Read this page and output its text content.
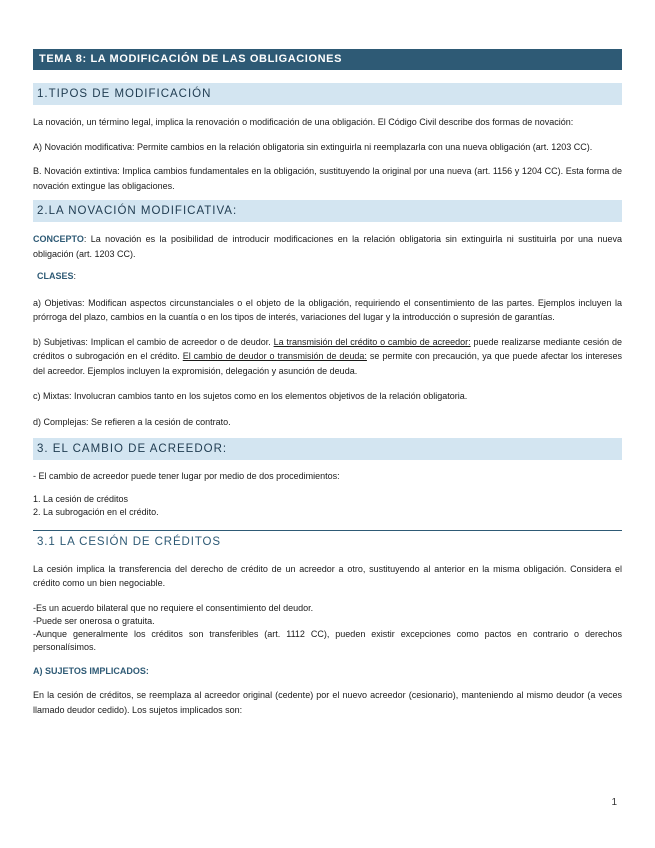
TEMA 8: LA MODIFICACIÓN DE LAS OBLIGACIONES
1.TIPOS DE MODIFICACIÓN

La novación, un término legal, implica la renovación o modificación de una obligación. El Código Civil describe dos formas de novación:

A) Novación modificativa: Permite cambios en la relación obligatoria sin extinguirla ni reemplazarla con una nueva obligación (art. 1203 CC).

B. Novación extintiva: Implica cambios fundamentales en la obligación, sustituyendo la original por una nueva (art. 1156 y 1204 CC). Esta forma de novación extingue las obligaciones.

2.LA NOVACIÓN MODIFICATIVA:

CONCEPTO: La novación es la posibilidad de introducir modificaciones en la relación obligatoria sin extinguirla ni sustituirla por una nueva obligación (art. 1203 CC).

CLASES:

a) Objetivas: Modifican aspectos circunstanciales o el objeto de la obligación, requiriendo el consentimiento de las partes. Ejemplos incluyen la prórroga del plazo, cambios en la cuantía o en los tipos de interés, variaciones del lugar y la introducción o supresión de garantías.

b) Subjetivas: Implican el cambio de acreedor o de deudor. La transmisión del crédito o cambio de acreedor: puede realizarse mediante cesión de créditos o subrogación en el crédito. El cambio de deudor o transmisión de deuda: se permite con precaución, ya que puede afectar los intereses del acreedor. Ejemplos incluyen la expromisión, delegación y asunción de deuda.

c) Mixtas: Involucran cambios tanto en los sujetos como en los elementos objetivos de la relación obligatoria.

d) Complejas: Se refieren a la cesión de contrato.

3. EL CAMBIO DE ACREEDOR:

- El cambio de acreedor puede tener lugar por medio de dos procedimientos:

1. La cesión de créditos
2. La subrogación en el crédito.
3.1 LA CESIÓN DE CRÉDITOS

La cesión implica la transferencia del derecho de crédito de un acreedor a otro, sustituyendo al anterior en la misma obligación. Considera el crédito como un bien negociable.

-Es un acuerdo bilateral que no requiere el consentimiento del deudor.
-Puede ser onerosa o gratuita.
-Aunque generalmente los créditos son transferibles (art. 1112 CC), pueden existir excepciones como pactos en contrario o derechos personalísimos.

A) SUJETOS IMPLICADOS:

En la cesión de créditos, se reemplaza al acreedor original (cedente) por el nuevo acreedor (cesionario), manteniendo al mismo deudor (a veces llamado deudor cedido). Los sujetos implicados son:

1
